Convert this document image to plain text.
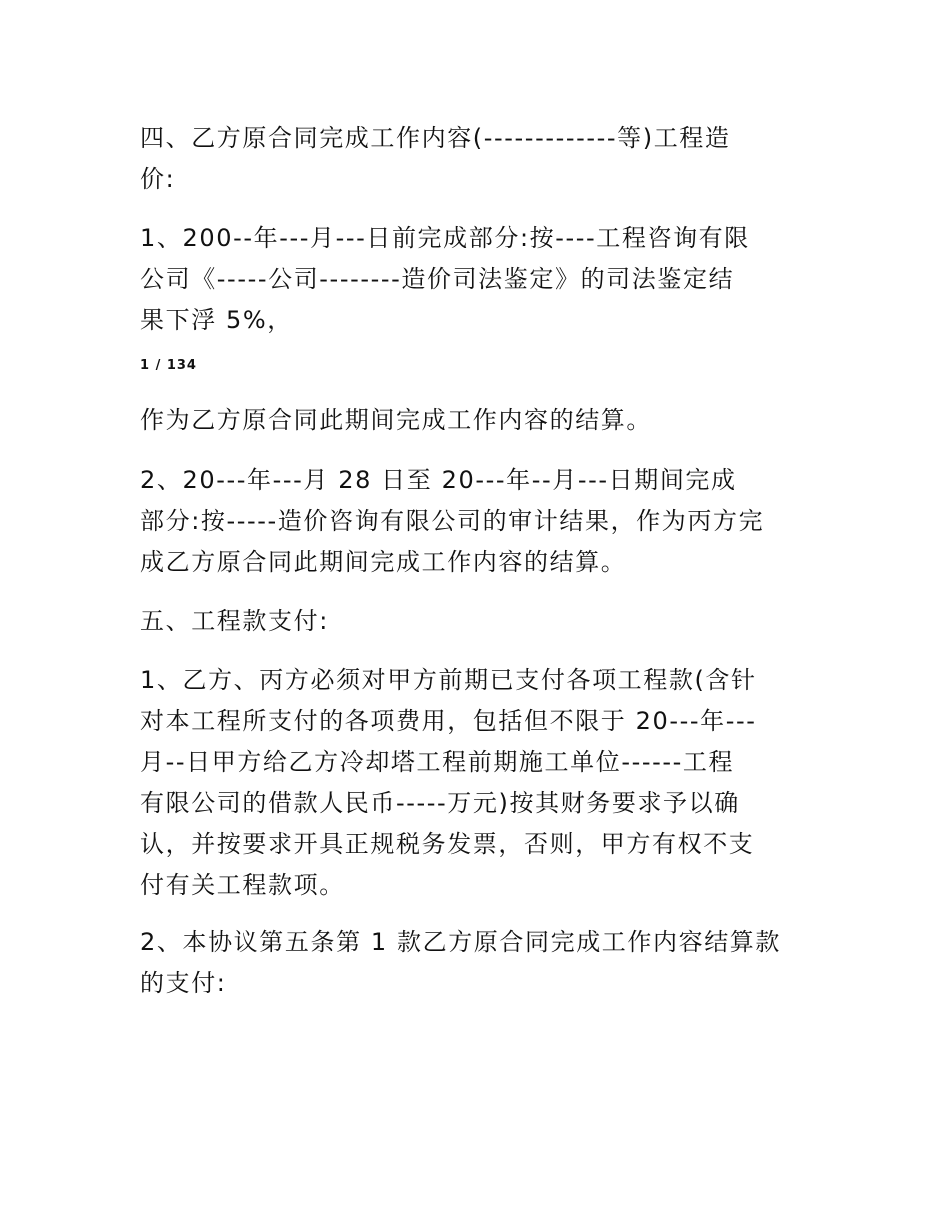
四、乙方原合同完成工作内容(-------------等)工程造
价:

1、200--年---月---日前完成部分:按----工程咨询有限
公司《-----公司--------造价司法鉴定》的司法鉴定结
果下浮 5%，

1 / 134

作为乙方原合同此期间完成工作内容的结算。

2、20---年---月 28 日至 20---年--月---日期间完成
部分:按-----造价咨询有限公司的审计结果，作为丙方完
成乙方原合同此期间完成工作内容的结算。

五、工程款支付:

1、乙方、丙方必须对甲方前期已支付各项工程款(含针
对本工程所支付的各项费用，包括但不限于 20---年---
月--日甲方给乙方冷却塔工程前期施工单位------工程
有限公司的借款人民币-----万元)按其财务要求予以确
认，并按要求开具正规税务发票，否则，甲方有权不支
付有关工程款项。

2、本协议第五条第 1 款乙方原合同完成工作内容结算款
的支付:
